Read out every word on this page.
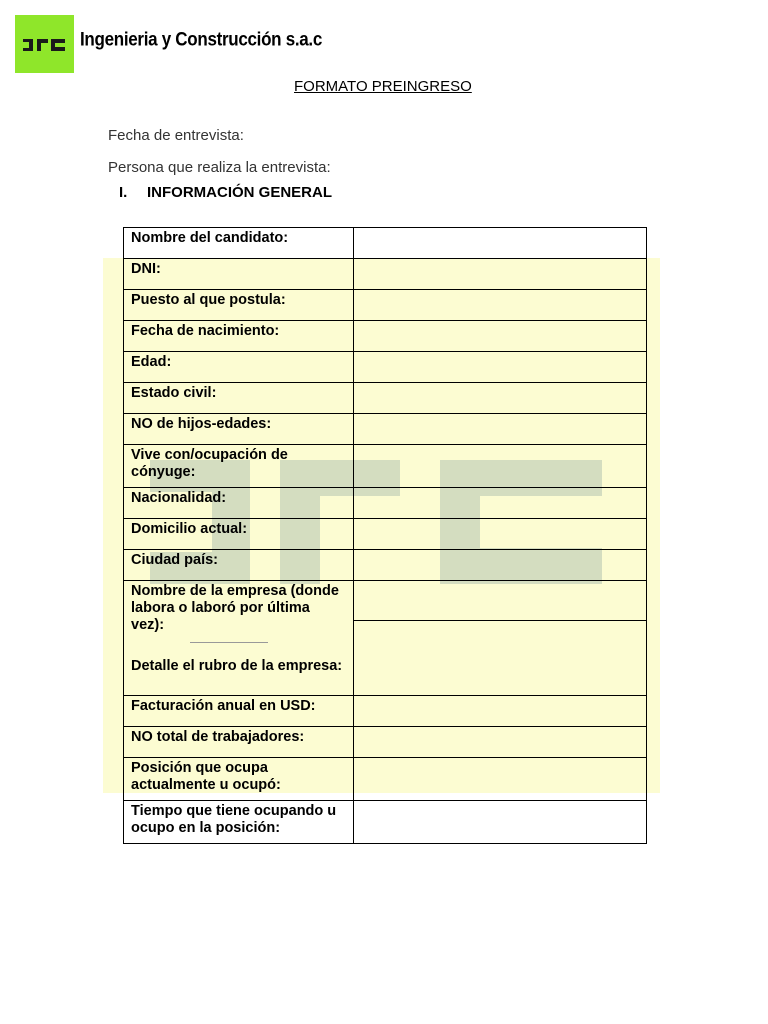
Ingenieria y Construcción s.a.c
FORMATO PREINGRESO
Fecha de entrevista:
Persona que realiza la entrevista:
I. INFORMACIÓN GENERAL
Nombre del candidato:	
DNI:	
Puesto al que postula:	
Fecha de nacimiento:	
Edad:	
Estado civil:	
NO de hijos-edades:	
Vive con/ocupación de cónyuge:	
Nacionalidad:	
Domicilio actual:	
Ciudad país:	
Nombre de la empresa (donde labora o laboró por última vez):
Detalle el rubro de la empresa:	

Facturación anual en USD:	
NO total de trabajadores:	
Posición que ocupa actualmente u ocupó:	
Tiempo que tiene ocupando u ocupo en la posición:	
